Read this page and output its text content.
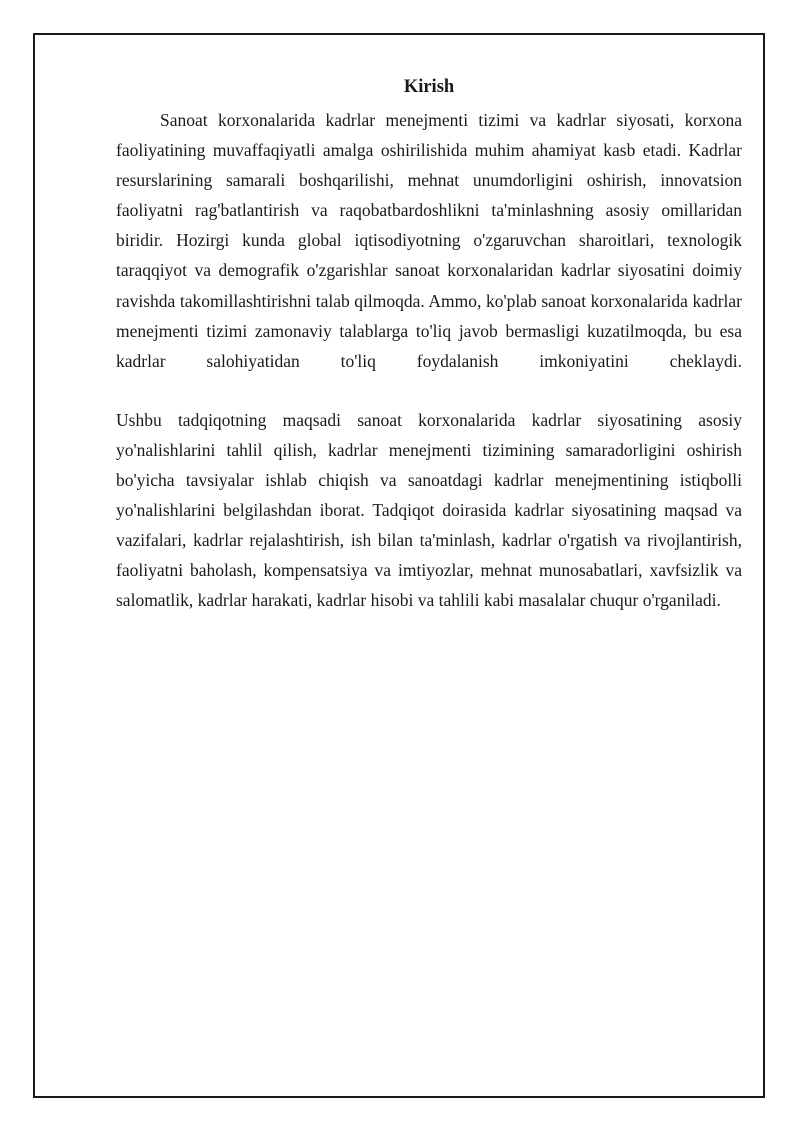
Kirish

Sanoat korxonalarida kadrlar menejmenti tizimi va kadrlar siyosati, korxona faoliyatining muvaffaqiyatli amalga oshirilishida muhim ahamiyat kasb etadi. Kadrlar resurslarining samarali boshqarilishi, mehnat unumdorligini oshirish, innovatsion faoliyatni rag'batlantirish va raqobatbardoshlikni ta'minlashning asosiy omillaridan biridir. Hozirgi kunda global iqtisodiyotning o'zgaruvchan sharoitlari, texnologik taraqqiyot va demografik o'zgarishlar sanoat korxonalaridan kadrlar siyosatini doimiy ravishda takomillashtirishni talab qilmoqda. Ammo, ko'plab sanoat korxonalarida kadrlar menejmenti tizimi zamonaviy talablarga to'liq javob bermasligi kuzatilmoqda, bu esa kadrlar salohiyatidan to'liq foydalanish imkoniyatini cheklaydi.

Ushbu tadqiqotning maqsadi sanoat korxonalarida kadrlar siyosatining asosiy yo'nalishlarini tahlil qilish, kadrlar menejmenti tizimining samaradorligini oshirish bo'yicha tavsiyalar ishlab chiqish va sanoatdagi kadrlar menejmentining istiqbolli yo'nalishlarini belgilashdan iborat. Tadqiqot doirasida kadrlar siyosatining maqsad va vazifalari, kadrlar rejalashtirish, ish bilan ta'minlash, kadrlar o'rgatish va rivojlantirish, faoliyatni baholash, kompensatsiya va imtiyozlar, mehnat munosabatlari, xavfsizlik va salomatlik, kadrlar harakati, kadrlar hisobi va tahlili kabi masalalar chuqur o'rganiladi.
